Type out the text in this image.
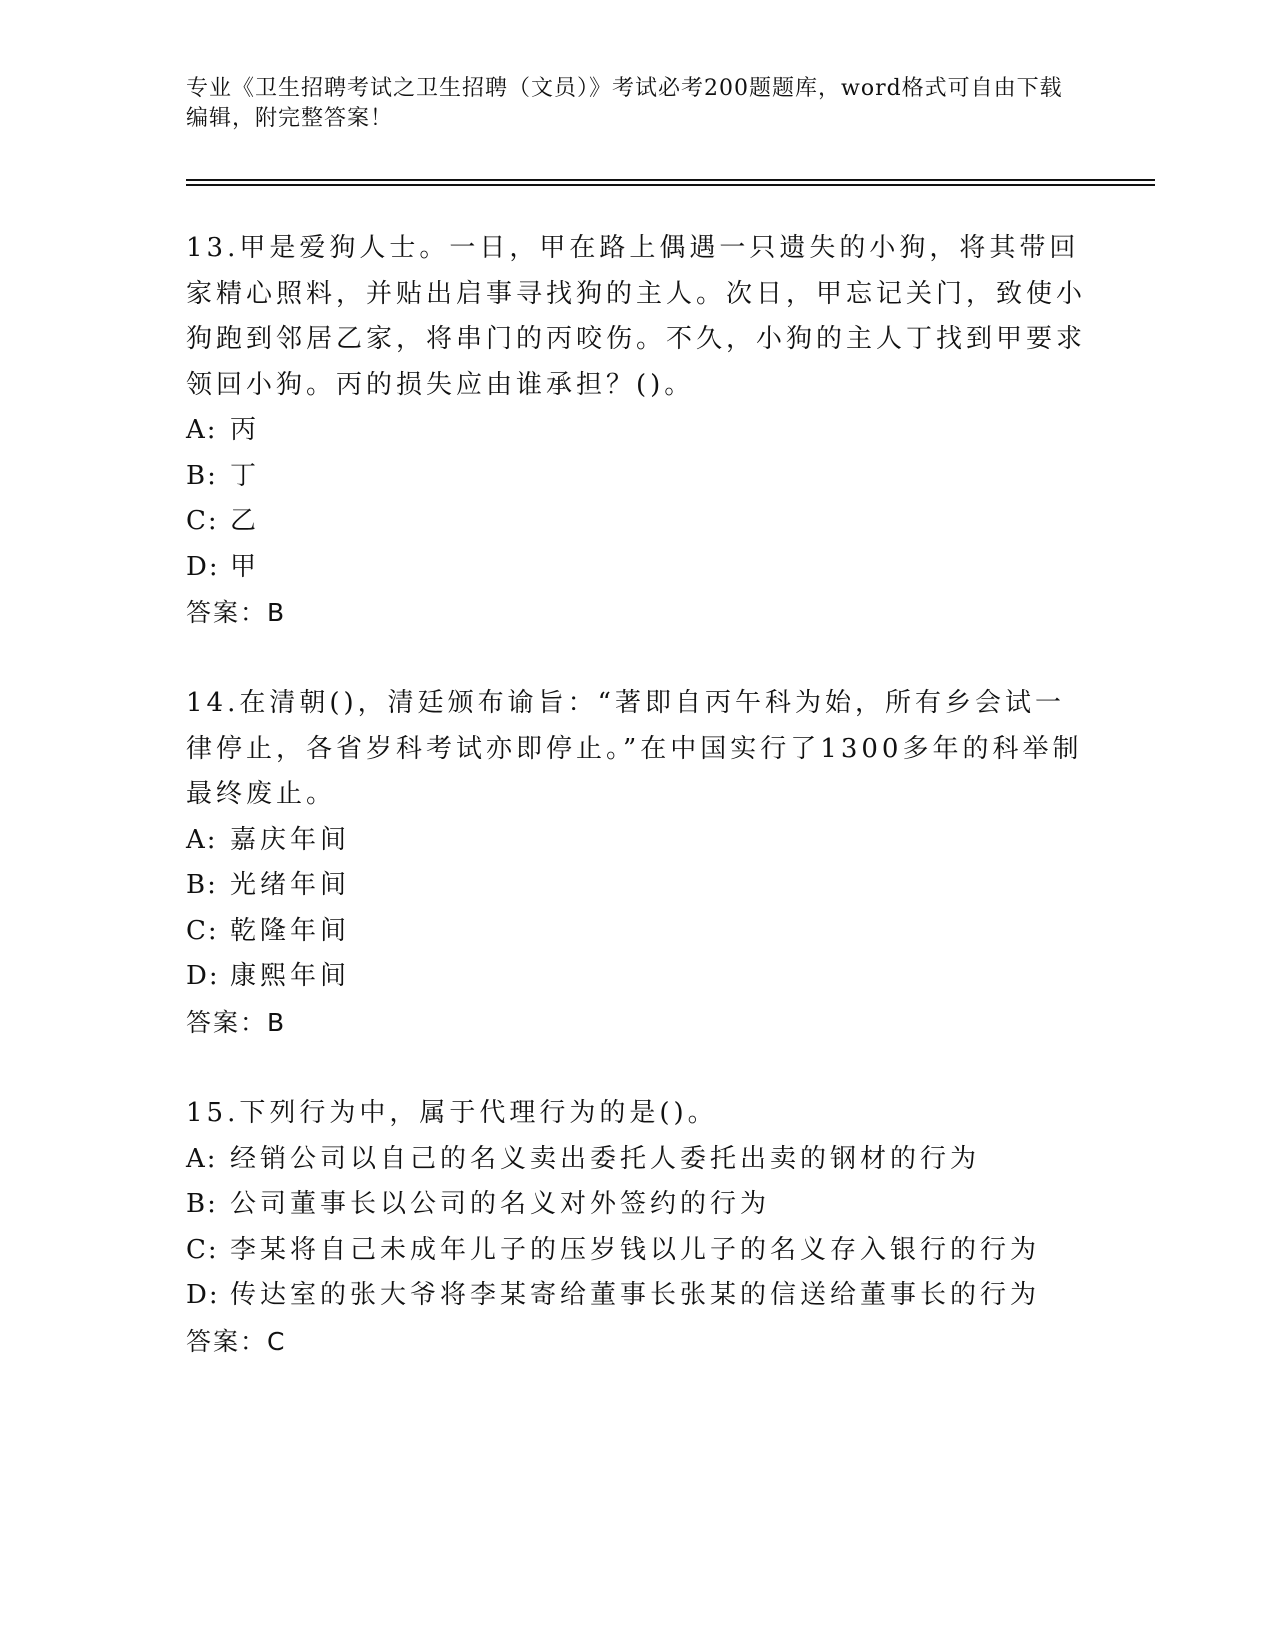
专业《卫生招聘考试之卫生招聘（文员）》考试必考200题题库，word格式可自由下载编辑，附完整答案！
13.甲是爱狗人士。一日，甲在路上偶遇一只遗失的小狗，将其带回家精心照料，并贴出启事寻找狗的主人。次日，甲忘记关门，致使小狗跑到邻居乙家，将串门的丙咬伤。不久，小狗的主人丁找到甲要求领回小狗。丙的损失应由谁承担？()。
A: 丙
B: 丁
C: 乙
D: 甲
答案：B
14.在清朝()，清廷颁布谕旨：“著即自丙午科为始，所有乡会试一律停止，各省岁科考试亦即停止。”在中国实行了1300多年的科举制最终废止。
A: 嘉庆年间
B: 光绪年间
C: 乾隆年间
D: 康熙年间
答案：B
15.下列行为中，属于代理行为的是()。
A: 经销公司以自己的名义卖出委托人委托出卖的钢材的行为
B: 公司董事长以公司的名义对外签约的行为
C: 李某将自己未成年儿子的压岁钱以儿子的名义存入银行的行为
D: 传达室的张大爷将李某寄给董事长张某的信送给董事长的行为
答案：C
